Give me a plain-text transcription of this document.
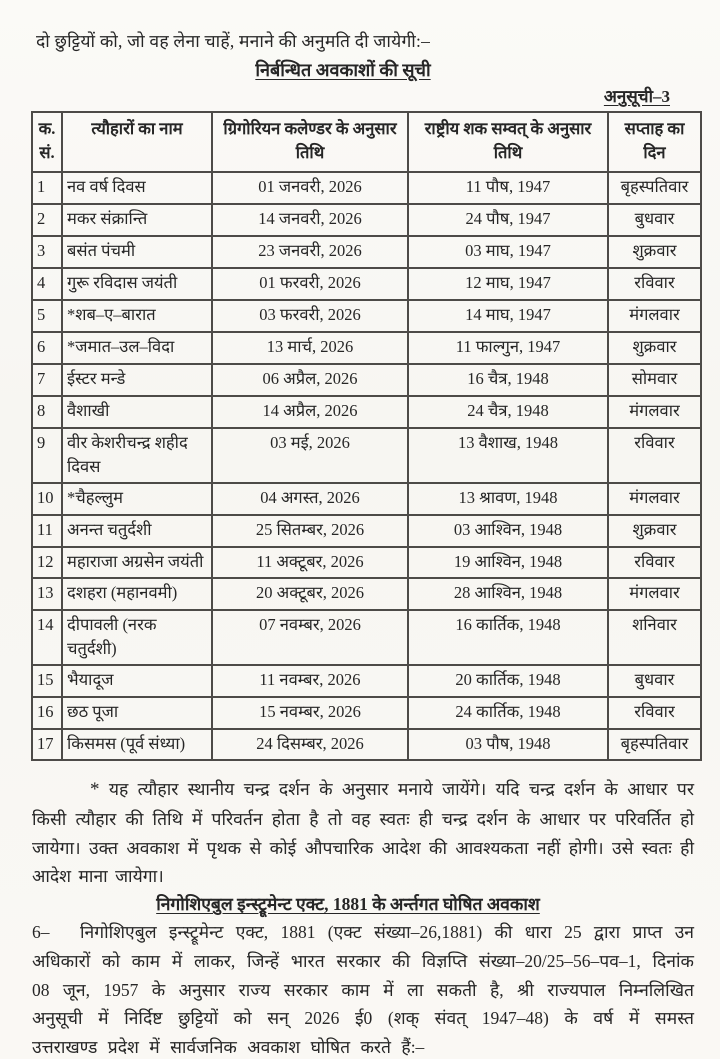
दो छुट्टियों को, जो वह लेना चाहें, मनाने की अनुमति दी जायेगी:–

निर्बन्धित अवकाशों की सूची
अनुसूची–3
क.
सं.	त्यौहारों का नाम	ग्रिगोरियन कलेण्डर के अनुसार तिथि	राष्ट्रीय शक सम्वत् के अनुसार तिथि	सप्ताह का दिन
1	नव वर्ष दिवस	01 जनवरी, 2026	11 पौष, 1947	बृहस्पतिवार
2	मकर संक्रान्ति	14 जनवरी, 2026	24 पौष, 1947	बुधवार
3	बसंत पंचमी	23 जनवरी, 2026	03 माघ, 1947	शुक्रवार
4	गुरू रविदास जयंती	01 फरवरी, 2026	12 माघ, 1947	रविवार
5	*शब–ए–बारात	03 फरवरी, 2026	14 माघ, 1947	मंगलवार
6	*जमात–उल–विदा	13 मार्च, 2026	11 फाल्गुन, 1947	शुक्रवार
7	ईस्टर मन्डे	06 अप्रैल, 2026	16 चैत्र, 1948	सोमवार
8	वैशाखी	14 अप्रैल, 2026	24 चैत्र, 1948	मंगलवार
9	वीर केशरीचन्द्र शहीद दिवस	03 मई, 2026	13 वैशाख, 1948	रविवार
10	*चैहल्लुम	04 अगस्त, 2026	13 श्रावण, 1948	मंगलवार
11	अनन्त चतुर्दशी	25 सितम्बर, 2026	03 आश्विन, 1948	शुक्रवार
12	महाराजा अग्रसेन जयंती	11 अक्टूबर, 2026	19 आश्विन, 1948	रविवार
13	दशहरा (महानवमी)	20 अक्टूबर, 2026	28 आश्विन, 1948	मंगलवार
14	दीपावली (नरक चतुर्दशी)	07 नवम्बर, 2026	16 कार्तिक, 1948	शनिवार
15	भैयादूज	11 नवम्बर, 2026	20 कार्तिक, 1948	बुधवार
16	छठ पूजा	15 नवम्बर, 2026	24 कार्तिक, 1948	रविवार
17	किसमस (पूर्व संध्या)	24 दिसम्बर, 2026	03 पौष, 1948	बृहस्पतिवार

* यह त्यौहार स्थानीय चन्द्र दर्शन के अनुसार मनाये जायेंगे। यदि चन्द्र दर्शन के आधार पर किसी त्यौहार की तिथि में परिवर्तन होता है तो वह स्वतः ही चन्द्र दर्शन के आधार पर परिवर्तित हो जायेगा। उक्त अवकाश में पृथक से कोई औपचारिक आदेश की आवश्यकता नहीं होगी। उसे स्वतः ही आदेश माना जायेगा।

निगोशिएबुल इन्स्ट्रूमेन्ट एक्ट, 1881 के अर्न्तगत घोषित अवकाश

6– निगोशिएबुल इन्स्ट्रूमेन्ट एक्ट, 1881 (एक्ट संख्या–26,1881) की धारा 25 द्वारा प्राप्त उन अधिकारों को काम में लाकर, जिन्हें भारत सरकार की विज्ञप्ति संख्या–20/25–56–पव–1, दिनांक 08 जून, 1957 के अनुसार राज्य सरकार काम में ला सकती है, श्री राज्यपाल निम्नलिखित अनुसूची में निर्दिष्ट छुट्टियों को सन् 2026 ई0 (शक् संवत् 1947–48) के वर्ष में समस्त उत्तराखण्ड प्रदेश में सार्वजनिक अवकाश घोषित करते हैं:–
